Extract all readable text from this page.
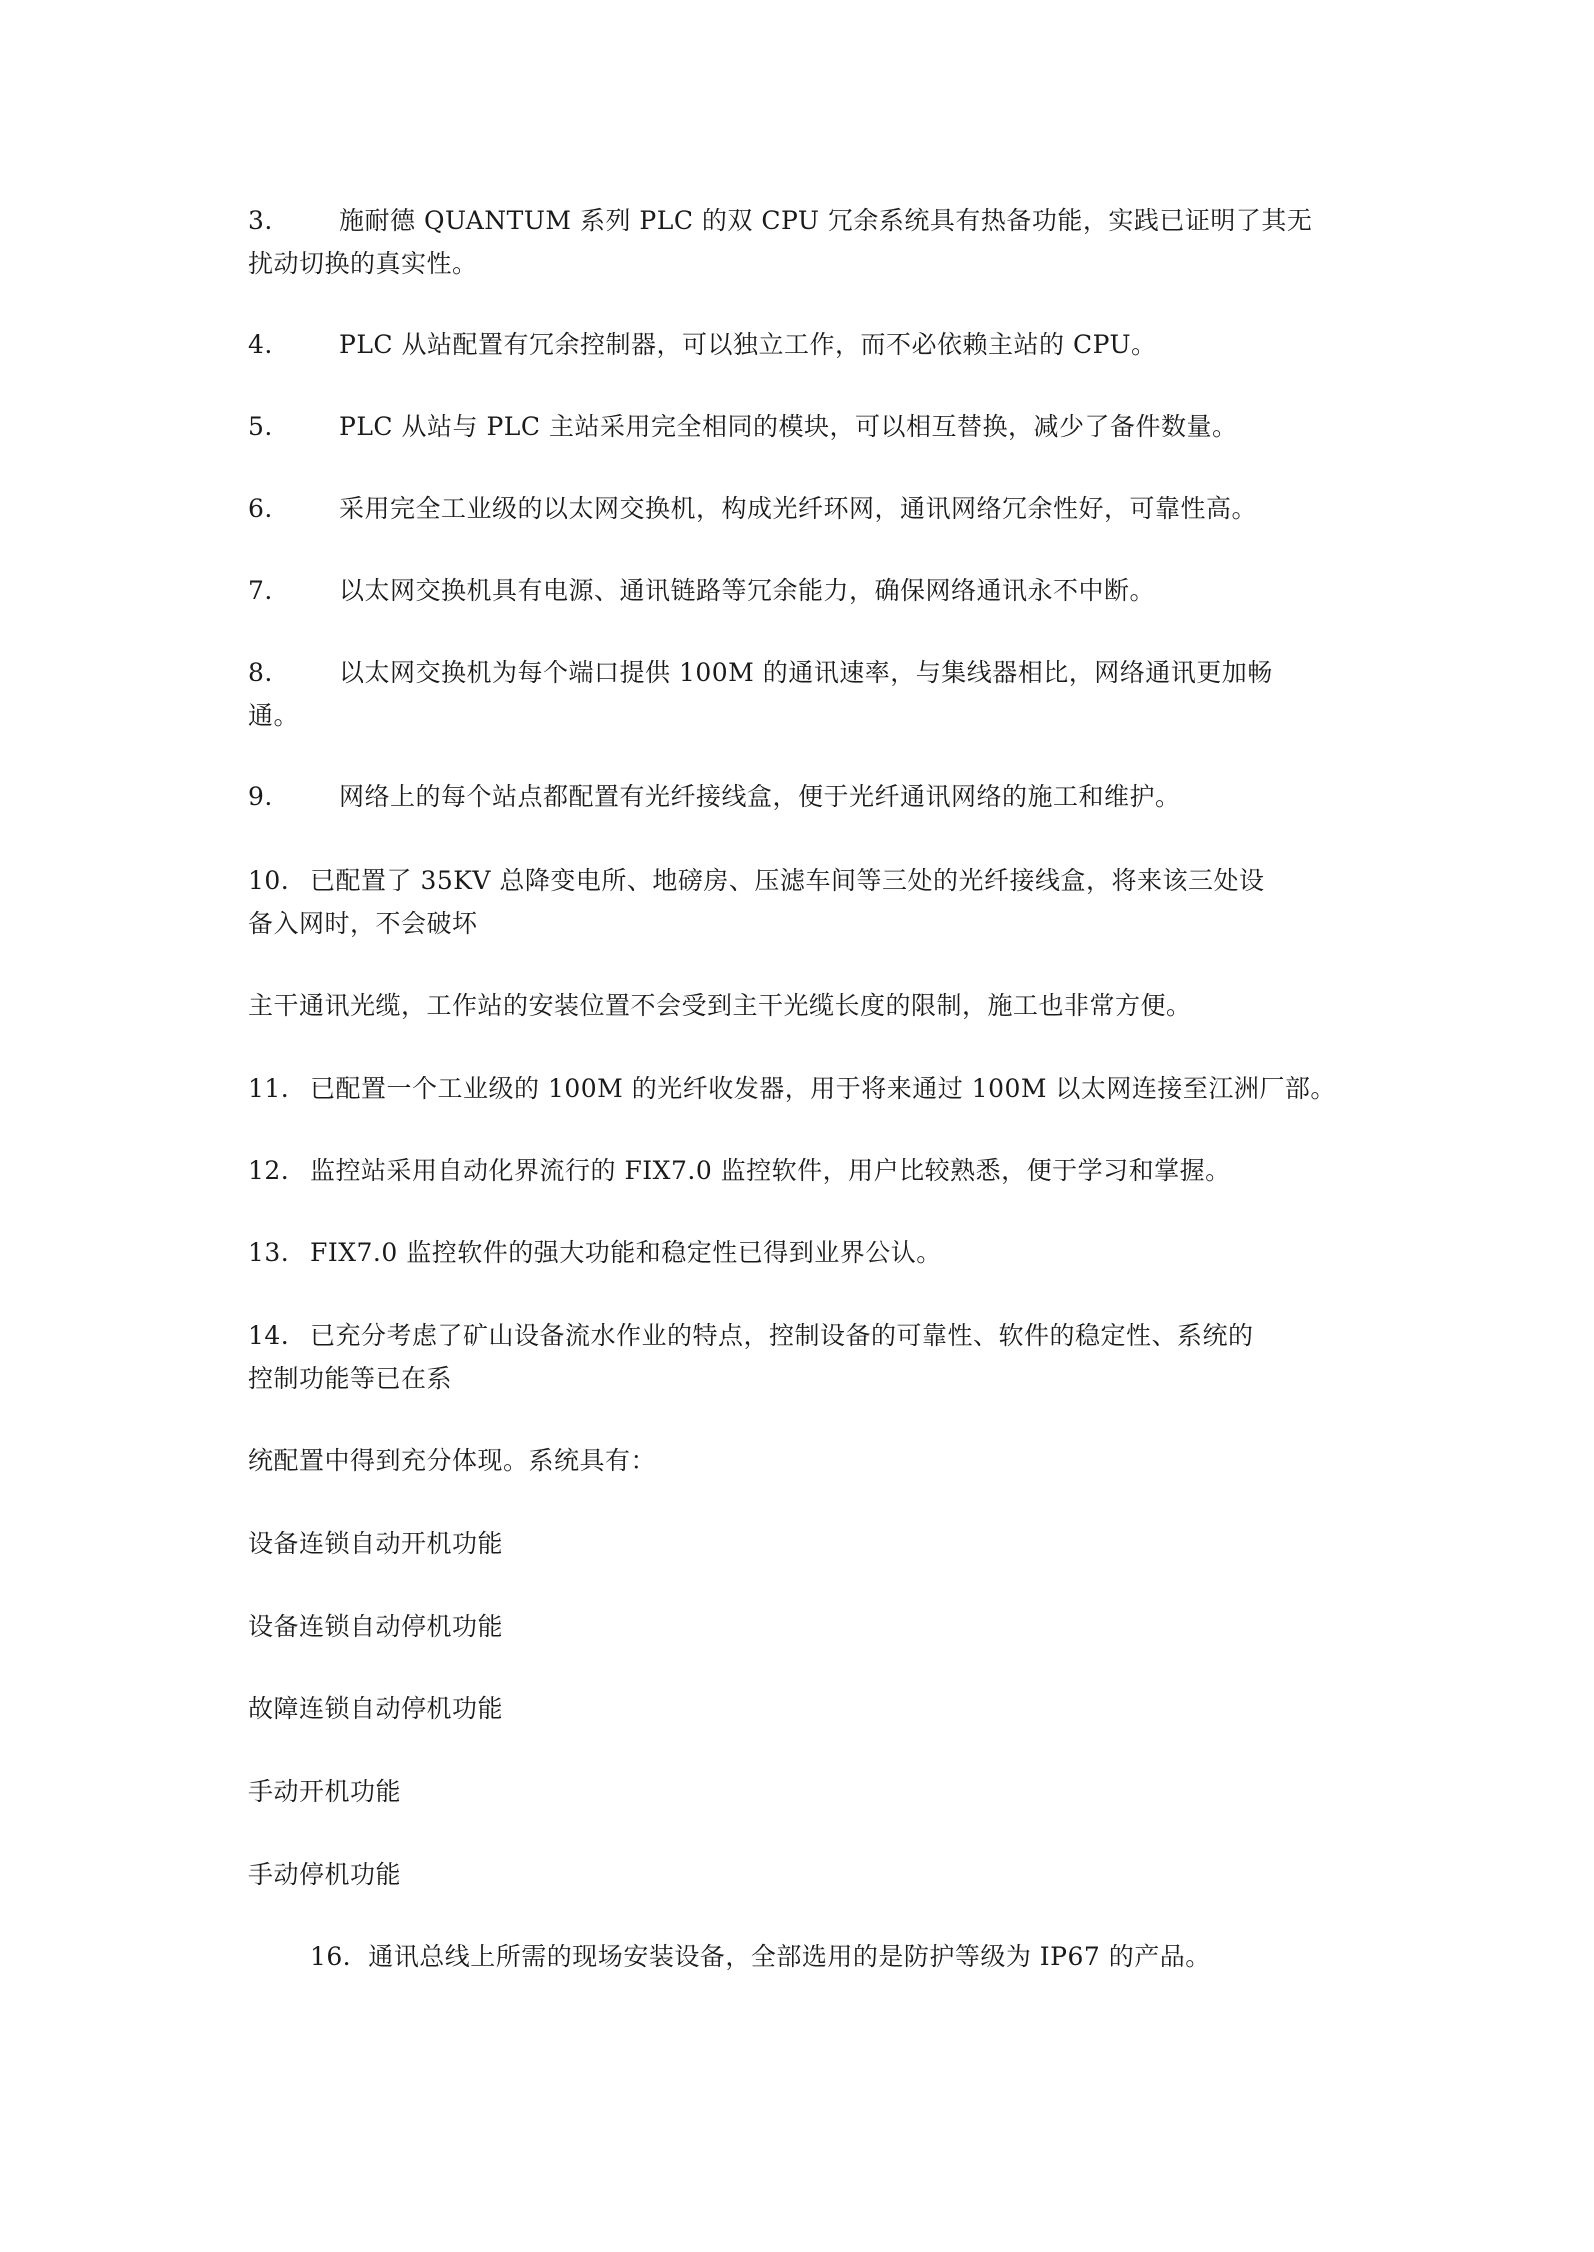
3.	施耐德 QUANTUM 系列 PLC 的双 CPU 冗余系统具有热备功能，实践已证明了其无
扰动切换的真实性。
4.	PLC 从站配置有冗余控制器，可以独立工作，而不必依赖主站的 CPU。
5.	PLC 从站与 PLC 主站采用完全相同的模块，可以相互替换，减少了备件数量。
6.	采用完全工业级的以太网交换机，构成光纤环网，通讯网络冗余性好，可靠性高。
7.	以太网交换机具有电源、通讯链路等冗余能力，确保网络通讯永不中断。
8.	以太网交换机为每个端口提供 100M 的通讯速率，与集线器相比，网络通讯更加畅
通。
9.	网络上的每个站点都配置有光纤接线盒，便于光纤通讯网络的施工和维护。
10. 已配置了 35KV 总降变电所、地磅房、压滤车间等三处的光纤接线盒，将来该三处设
备入网时，不会破坏
主干通讯光缆，工作站的安装位置不会受到主干光缆长度的限制，施工也非常方便。
11. 已配置一个工业级的 100M 的光纤收发器，用于将来通过 100M 以太网连接至江洲厂部。
12. 监控站采用自动化界流行的 FIX7.0 监控软件，用户比较熟悉，便于学习和掌握。
13. FIX7.0 监控软件的强大功能和稳定性已得到业界公认。
14. 已充分考虑了矿山设备流水作业的特点，控制设备的可靠性、软件的稳定性、系统的
控制功能等已在系
统配置中得到充分体现。系统具有：
设备连锁自动开机功能
设备连锁自动停机功能
故障连锁自动停机功能
手动开机功能
手动停机功能
16．通讯总线上所需的现场安装设备，全部选用的是防护等级为 IP67 的产品。
